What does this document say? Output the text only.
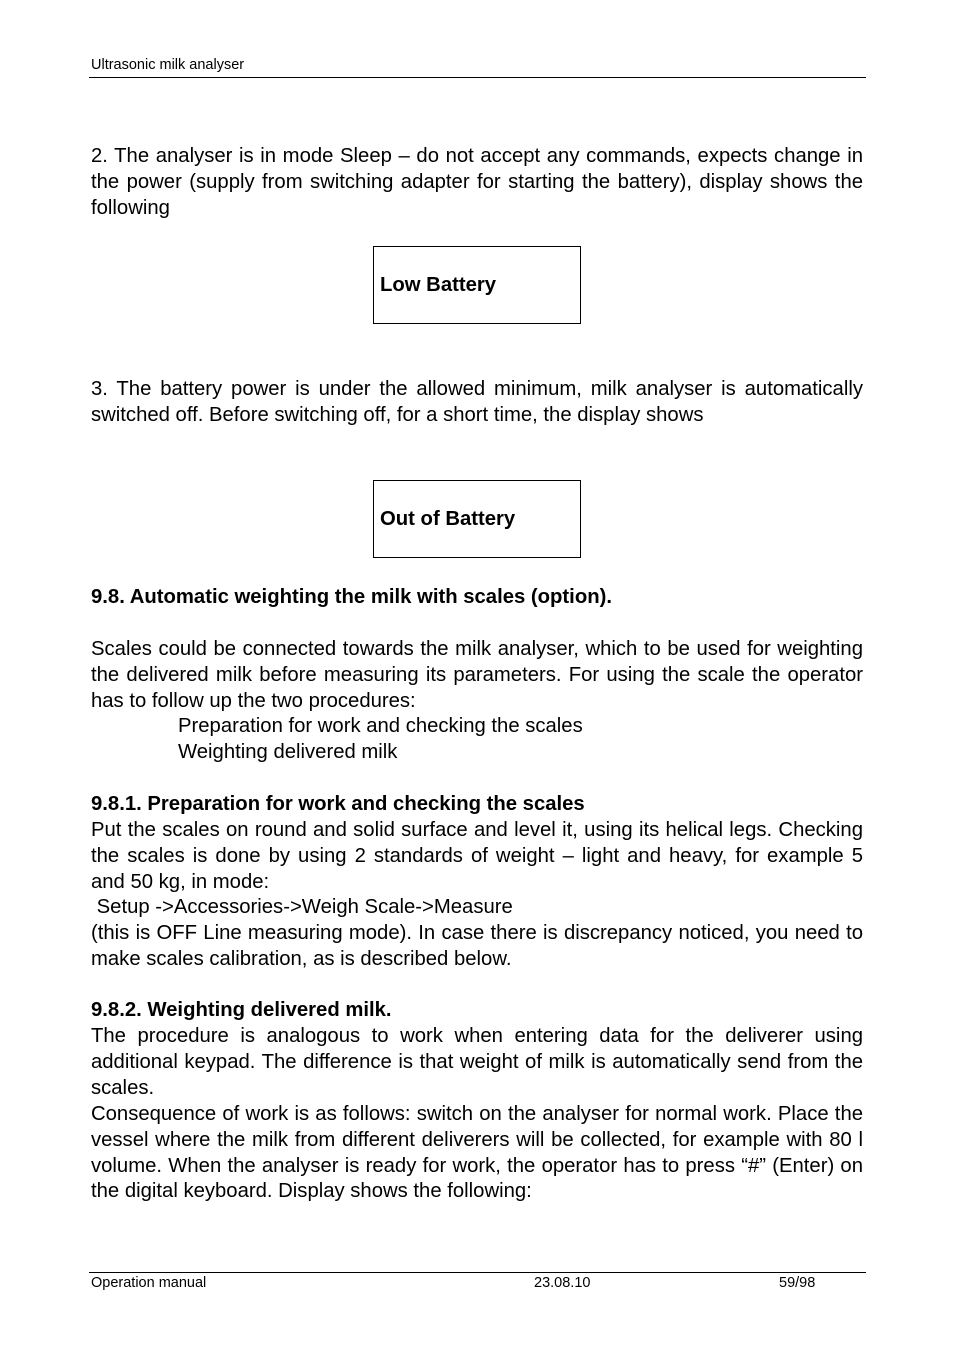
Ultrasonic milk analyser

2. The analyser is in mode Sleep – do not accept any commands, expects change in the power (supply from switching adapter for starting the battery), display shows the following

Low Battery

3. The battery power is under the allowed minimum, milk analyser is automatically switched off. Before switching off, for a short time, the display shows

Out of Battery

9.8. Automatic weighting the milk with scales (option).

Scales could be connected towards the milk analyser, which to be used for weighting the delivered milk before measuring its parameters. For using the scale the operator has to follow up the two procedures:

Preparation for work and checking the scales
Weighting delivered milk

9.8.1. Preparation for work and checking the scales

Put the scales on round and solid surface and level it, using its helical legs. Checking the scales is done by using 2 standards of weight – light and heavy, for example 5 and 50 kg, in mode:

Setup ->Accessories->Weigh Scale->Measure

(this is OFF Line measuring mode). In case there is discrepancy noticed, you need to make scales calibration, as is described below.

9.8.2. Weighting delivered milk.

The procedure is analogous to work when entering data for the deliverer using additional keypad. The difference is that weight of milk is automatically send from the scales.

Consequence of work is as follows: switch on the analyser for normal work. Place the vessel where the milk from different deliverers will be collected, for example with 80 l volume. When the analyser is ready for work, the operator has to press “#” (Enter) on the digital keyboard. Display shows the following:

Operation manual	23.08.10	59/98
